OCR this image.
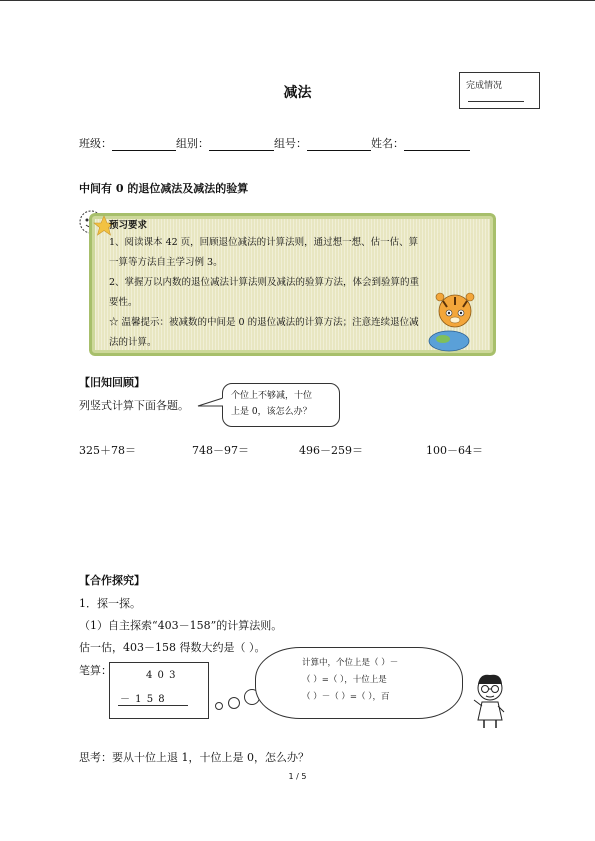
减法	完成情况
班级：	组别：	组号：	姓名：
中间有 0 的退位减法及减法的验算
预习要求
1、阅读课本 42 页，回顾退位减法的计算法则，通过想一想、估一估、算
一算等方法自主学习例 3。
2、掌握万以内数的退位减法计算法则及减法的验算方法，体会到验算的重
要性。
☆ 温馨提示：被减数的中间是 0 的退位减法的计算方法；注意连续退位减
法的计算。
【旧知回顾】
列竖式计算下面各题。
个位上不够减，十位
上是 0，该怎么办？
325＋78＝	748－97＝	496－259＝	100－64＝
【合作探究】
1．探一探。
（1）自主探索“403－158”的计算法则。
估一估，403－158 得数大约是（ ）。
笔算：	4 0 3
－ 1 5 8
计算中，个位上是（ ）－
（ ）=（ ），十位上是
（ ）－（ ）=（ ），百
思考：要从十位上退 1，十位上是 0，怎么办？
1 / 5
